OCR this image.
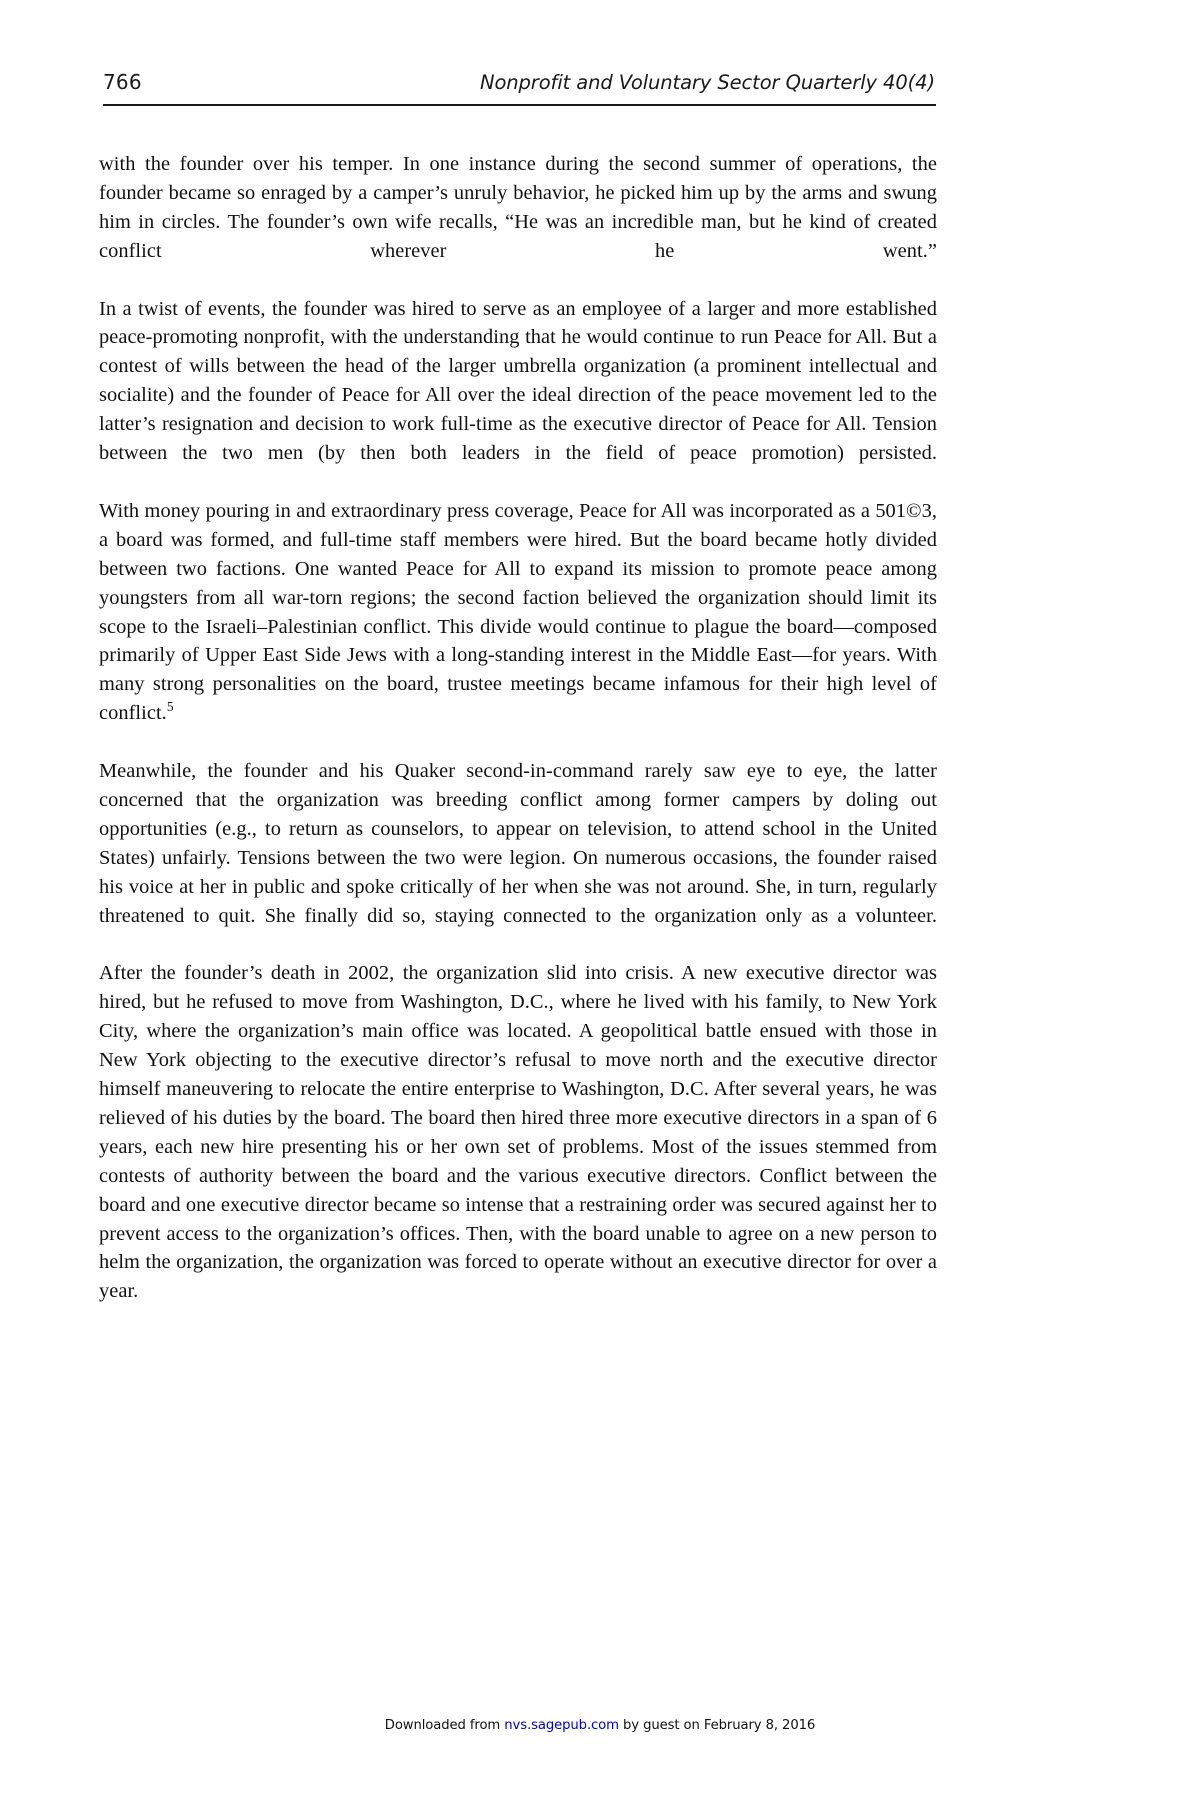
766	Nonprofit and Voluntary Sector Quarterly 40(4)

with the founder over his temper. In one instance during the second summer of operations, the founder became so enraged by a camper’s unruly behavior, he picked him up by the arms and swung him in circles. The founder’s own wife recalls, “He was an incredible man, but he kind of created conflict wherever he went.”

In a twist of events, the founder was hired to serve as an employee of a larger and more established peace-promoting nonprofit, with the understanding that he would continue to run Peace for All. But a contest of wills between the head of the larger umbrella organization (a prominent intellectual and socialite) and the founder of Peace for All over the ideal direction of the peace movement led to the latter’s resignation and decision to work full-time as the executive director of Peace for All. Tension between the two men (by then both leaders in the field of peace promotion) persisted.

With money pouring in and extraordinary press coverage, Peace for All was incorporated as a 501©3, a board was formed, and full-time staff members were hired. But the board became hotly divided between two factions. One wanted Peace for All to expand its mission to promote peace among youngsters from all war-torn regions; the second faction believed the organization should limit its scope to the Israeli–Palestinian conflict. This divide would continue to plague the board—composed primarily of Upper East Side Jews with a long-standing interest in the Middle East—for years. With many strong personalities on the board, trustee meetings became infamous for their high level of conflict.$^5$

Meanwhile, the founder and his Quaker second-in-command rarely saw eye to eye, the latter concerned that the organization was breeding conflict among former campers by doling out opportunities (e.g., to return as counselors, to appear on television, to attend school in the United States) unfairly. Tensions between the two were legion. On numerous occasions, the founder raised his voice at her in public and spoke critically of her when she was not around. She, in turn, regularly threatened to quit. She finally did so, staying connected to the organization only as a volunteer.

After the founder’s death in 2002, the organization slid into crisis. A new executive director was hired, but he refused to move from Washington, D.C., where he lived with his family, to New York City, where the organization’s main office was located. A geopolitical battle ensued with those in New York objecting to the executive director’s refusal to move north and the executive director himself maneuvering to relocate the entire enterprise to Washington, D.C. After several years, he was relieved of his duties by the board. The board then hired three more executive directors in a span of 6 years, each new hire presenting his or her own set of problems. Most of the issues stemmed from contests of authority between the board and the various executive directors. Conflict between the board and one executive director became so intense that a restraining order was secured against her to prevent access to the organization’s offices. Then, with the board unable to agree on a new person to helm the organization, the organization was forced to operate without an executive director for over a year.

Downloaded from nvs.sagepub.com by guest on February 8, 2016
